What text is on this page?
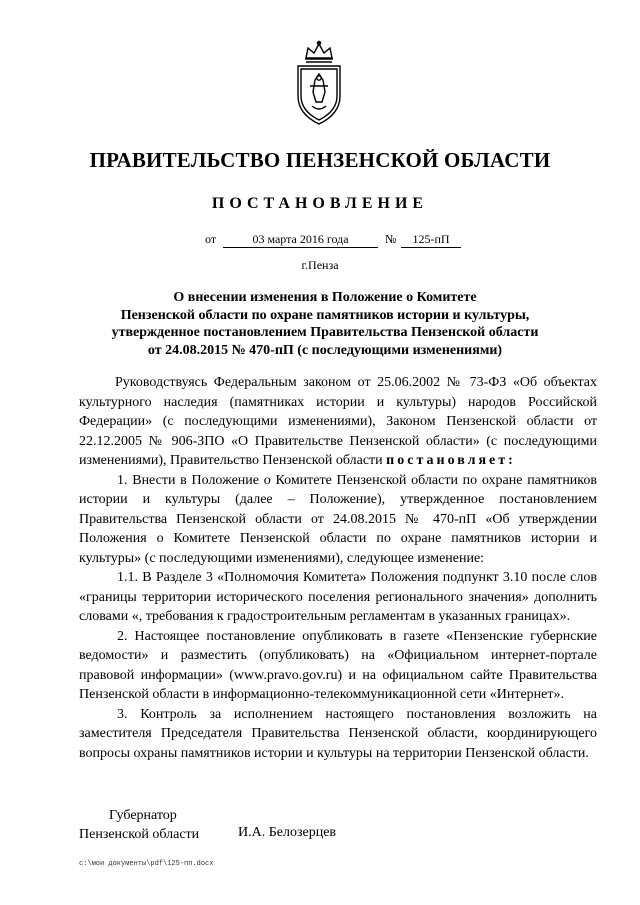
ПРАВИТЕЛЬСТВО ПЕНЗЕНСКОЙ ОБЛАСТИ
ПОСТАНОВЛЕНИЕ
от	03 марта 2016 года	№	125-пП
г.Пенза
О внесении изменения в Положение о Комитете
Пензенской области по охране памятников истории и культуры,
утвержденное постановлением Правительства Пензенской области
от 24.08.2015 № 470-пП (с последующими изменениями)

Руководствуясь Федеральным законом от 25.06.2002 № 73-ФЗ «Об объектах культурного наследия (памятниках истории и культуры) народов Российской Федерации» (с последующими изменениями), Законом Пензенской области от 22.12.2005 № 906-ЗПО «О Правительстве Пензенской области» (с последующими изменениями), Правительство Пензенской области постановляет:

1. Внести в Положение о Комитете Пензенской области по охране памятников истории и культуры (далее – Положение), утвержденное постановлением Правительства Пензенской области от 24.08.2015 № 470-пП «Об утверждении Положения о Комитете Пензенской области по охране памятников истории и культуры» (с последующими изменениями), следующее изменение:

1.1. В Разделе 3 «Полномочия Комитета» Положения подпункт 3.10 после слов «границы территории исторического поселения регионального значения» дополнить словами «, требования к градостроительным регламентам в указанных границах».

2. Настоящее постановление опубликовать в газете «Пензенские губернские ведомости» и разместить (опубликовать) на «Официальном интернет-портале правовой информации» (www.pravo.gov.ru) и на официальном сайте Правительства Пензенской области в информационно-телекоммуникационной сети «Интернет».

3. Контроль за исполнением настоящего постановления возложить на заместителя Председателя Правительства Пензенской области, координирующего вопросы охраны памятников истории и культуры на территории Пензенской области.

Губернатор
Пензенской области	И.А. Белозерцев
c:\мои документы\pdf\125-пп.docx
